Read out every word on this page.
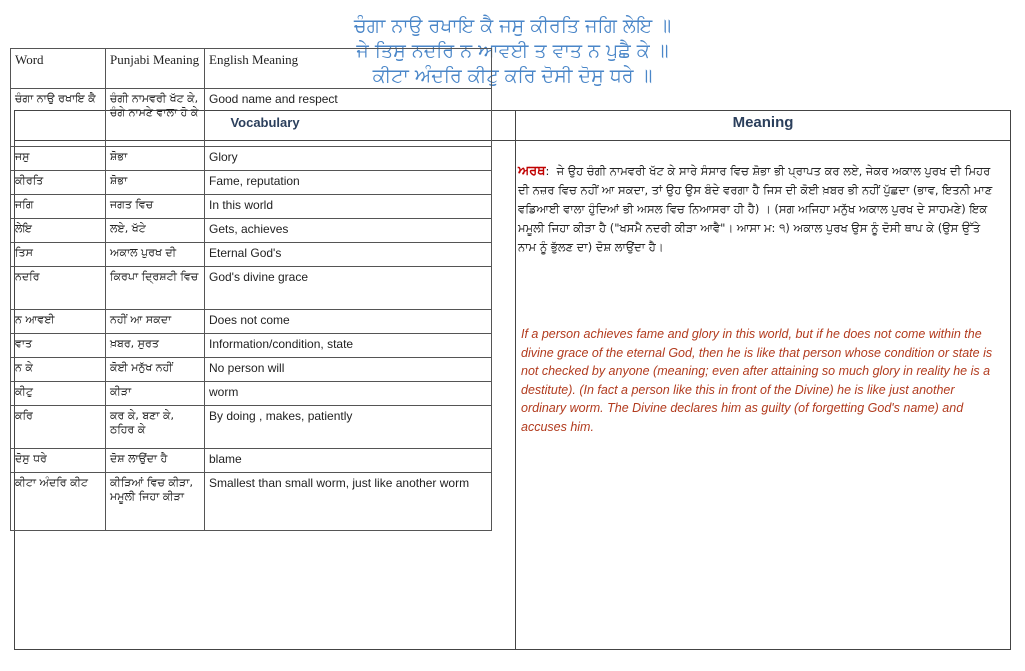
ਚੰਗਾ ਨਾਉ ਰਖਾਇ ਕੈ ਜਸੁ ਕੀਰਤਿ ਜਗਿ ਲੇਇ ॥
ਜੇ ਤਿਸੁ ਨਦਰਿ ਨ ਆਵਈ ਤ ਵਾਤ ਨ ਪੁਛੈ ਕੇ ॥
ਕੀਟਾ ਅੰਦਰਿ ਕੀਟੁ ਕਰਿ ਦੋਸੀ ਦੋਸੁ ਧਰੇ ॥
Vocabulary	Meaning
Word	Punjabi Meaning	English Meaning
ਚੰਗਾ ਨਾਉ ਰਖਾਇ ਕੈ	ਚੰਗੀ ਨਾਮਵਰੀ ਖੱਟ ਕੇ, ਚੰਗੇ ਨਾਮਣੇ ਵਾਲਾ ਹੋ ਕੇ	Good name and respect
ਜਸੁ	ਸ਼ੋਭਾ	Glory
ਕੀਰਤਿ	ਸ਼ੋਭਾ	Fame, reputation
ਜਗਿ	ਜਗਤ ਵਿਚ	In this world
ਲੇਇ	ਲਏ, ਖੱਟੇ	Gets, achieves
ਤਿਸ	ਅਕਾਲ ਪੁਰਖ ਦੀ	Eternal God's
ਨਦਰਿ	ਕਿਰਪਾ ਦ੍ਰਿਸ਼ਟੀ ਵਿਚ	God's divine grace
ਨ ਆਵਈ	ਨਹੀਂ ਆ ਸਕਦਾ	Does not come
ਵਾਤ	ਖ਼ਬਰ, ਸੁਰਤ	Information/condition, state
ਨ ਕੇ	ਕੋਈ ਮਨੁੱਖ ਨਹੀਂ	No person will
ਕੀਟੁ	ਕੀੜਾ	worm
ਕਰਿ	ਕਰ ਕੇ, ਬਣਾ ਕੇ, ਠਹਿਰ ਕੇ	By doing , makes, patiently
ਦੋਸੁ ਧਰੇ	ਦੋਸ਼ ਲਾਉਂਦਾ ਹੈ	blame
ਕੀਟਾ ਅੰਦਰਿ ਕੀਟ	ਕੀੜਿਆਂ ਵਿਚ ਕੀੜਾ, ਮਮੂਲੀ ਜਿਹਾ ਕੀੜਾ	Smallest than small worm, just like another worm
ਅਰਥ:  ਜੇ ਉਹ ਚੰਗੀ ਨਾਮਵਰੀ ਖੱਟ ਕੇ ਸਾਰੇ ਸੰਸਾਰ ਵਿਚ ਸ਼ੋਭਾ ਭੀ ਪ੍ਰਾਪਤ ਕਰ ਲਏ, ਜੇਕਰ ਅਕਾਲ ਪੁਰਖ ਦੀ ਮਿਹਰ ਦੀ ਨਜ਼ਰ ਵਿਚ ਨਹੀਂ ਆ ਸਕਦਾ, ਤਾਂ ਉਹ ਉਸ ਬੰਦੇ ਵਰਗਾ ਹੈ ਜਿਸ ਦੀ ਕੋਈ ਖ਼ਬਰ ਭੀ ਨਹੀਂ ਪੁੱਛਦਾ (ਭਾਵ, ਇਤਨੀ ਮਾਣ ਵਡਿਆਈ ਵਾਲਾ ਹੁੰਦਿਆਂ ਭੀ ਅਸਲ ਵਿਚ ਨਿਆਸਰਾ ਹੀ ਹੈ) । (ਸਗ ਅਜਿਹਾ ਮਨੁੱਖ ਅਕਾਲ ਪੁਰਖ ਦੇ ਸਾਹਮਣੇ) ਇਕ ਮਮੂਲੀ ਜਿਹਾ ਕੀੜਾ ਹੈ ("ਖਸਮੈ ਨਦਰੀ ਕੀੜਾ ਆਵੈ"। ਆਸਾ ਮ: ੧) ਅਕਾਲ ਪੁਰਖ ਉਸ ਨੂੰ ਦੋਸੀ ਥਾਪ ਕੇ (ਉਸ ਉੱਤੇ ਨਾਮ ਨੂੰ ਭੁੱਲਣ ਦਾ) ਦੋਸ਼ ਲਾਉਂਦਾ ਹੈ।
If a person achieves fame and glory in this world, but if he does not come within the divine grace of the eternal God, then he is like that person whose condition or state is not checked by anyone (meaning; even after attaining so much glory in reality he is a destitute). (In fact a person like this in front of the Divine) he is like just another ordinary worm. The Divine declares him as guilty (of forgetting God's name) and accuses him.
